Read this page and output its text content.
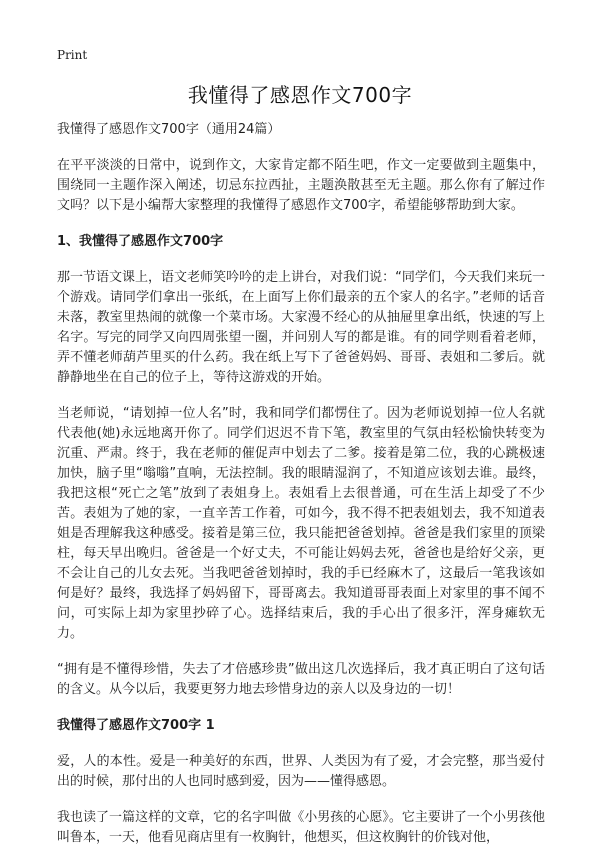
Print
我懂得了感恩作文700字

我懂得了感恩作文700字（通用24篇）

在平平淡淡的日常中，说到作文，大家肯定都不陌生吧，作文一定要做到主题集中，围绕同一主题作深入阐述，切忌东拉西扯，主题涣散甚至无主题。那么你有了解过作文吗？以下是小编帮大家整理的我懂得了感恩作文700字，希望能够帮助到大家。

1、我懂得了感恩作文700字

那一节语文课上，语文老师笑吟吟的走上讲台，对我们说：“同学们，今天我们来玩一个游戏。请同学们拿出一张纸，在上面写上你们最亲的五个家人的名字。”老师的话音未落，教室里热闹的就像一个菜市场。大家漫不经心的从抽屉里拿出纸，快速的写上名字。写完的同学又向四周张望一圈，并问别人写的都是谁。有的同学则看着老师，弄不懂老师葫芦里买的什么药。我在纸上写下了爸爸妈妈、哥哥、表姐和二爹后。就静静地坐在自己的位子上，等待这游戏的开始。

当老师说，“请划掉一位人名”时，我和同学们都愣住了。因为老师说划掉一位人名就代表他(她)永远地离开你了。同学们迟迟不肯下笔，教室里的气氛由轻松愉快转变为沉重、严肃。终于，我在老师的催促声中划去了二爹。接着是第二位，我的心跳极速加快，脑子里“嗡嗡”直响，无法控制。我的眼睛湿润了，不知道应该划去谁。最终，我把这根“死亡之笔”放到了表姐身上。表姐看上去很普通，可在生活上却受了不少苦。表姐为了她的家，一直辛苦工作着，可如今，我不得不把表姐划去，我不知道表姐是否理解我这种感受。接着是第三位，我只能把爸爸划掉。爸爸是我们家里的顶梁柱，每天早出晚归。爸爸是一个好丈夫，不可能让妈妈去死，爸爸也是给好父亲，更不会让自己的儿女去死。当我吧爸爸划掉时，我的手已经麻木了，这最后一笔我该如何是好？最终，我选择了妈妈留下，哥哥离去。我知道哥哥表面上对家里的事不闻不问，可实际上却为家里抄碎了心。选择结束后，我的手心出了很多汗，浑身瘫软无力。

“拥有是不懂得珍惜，失去了才倍感珍贵”做出这几次选择后，我才真正明白了这句话的含义。从今以后，我要更努力地去珍惜身边的亲人以及身边的一切！

我懂得了感恩作文700字 1

爱，人的本性。爱是一种美好的东西，世界、人类因为有了爱，才会完整，那当爱付出的时候，那付出的人也同时感到爱，因为——懂得感恩。

我也读了一篇这样的文章，它的名字叫做《小男孩的心愿》。它主要讲了一个小男孩他叫鲁本，一天，他看见商店里有一枚胸针，他想买，但这枚胸针的价钱对他，
